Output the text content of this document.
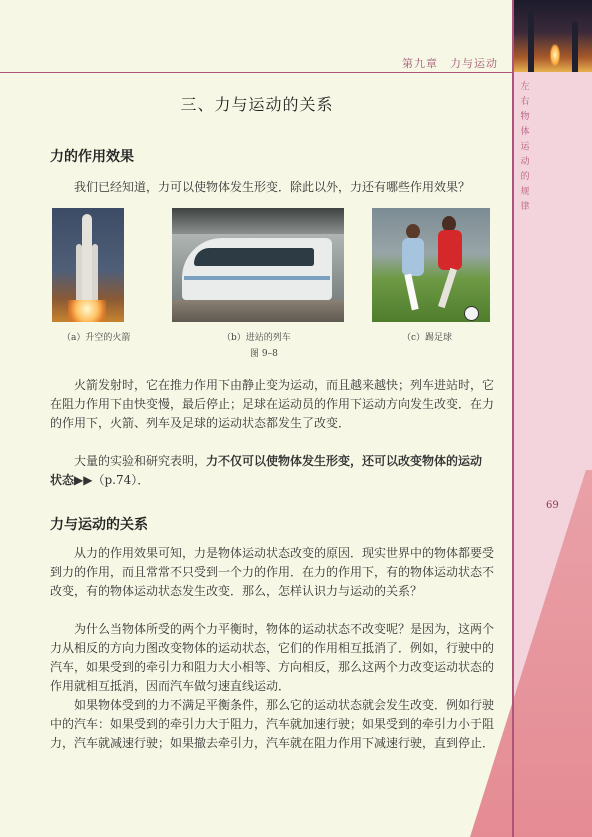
第九章　力与运动
左右物体运动的规律
69
三、力与运动的关系
力的作用效果

我们已经知道，力可以使物体发生形变．除此以外，力还有哪些作用效果？

（a）升空的火箭	（b）进站的列车	（c）踢足球
图 9–8

火箭发射时，它在推力作用下由静止变为运动，而且越来越快；列车进站时，它在阻力作用下由快变慢，最后停止；足球在运动员的作用下运动方向发生改变．在力的作用下，火箭、列车及足球的运动状态都发生了改变．

大量的实验和研究表明，力不仅可以使物体发生形变，还可以改变物体的运动状态▶▶（p.74）．

力与运动的关系

从力的作用效果可知，力是物体运动状态改变的原因．现实世界中的物体都要受到力的作用，而且常常不只受到一个力的作用．在力的作用下，有的物体运动状态不改变，有的物体运动状态发生改变．那么，怎样认识力与运动的关系？

为什么当物体所受的两个力平衡时，物体的运动状态不改变呢？是因为，这两个力从相反的方向力图改变物体的运动状态，它们的作用相互抵消了．例如，行驶中的汽车，如果受到的牵引力和阻力大小相等、方向相反，那么这两个力改变运动状态的作用就相互抵消，因而汽车做匀速直线运动．

如果物体受到的力不满足平衡条件，那么它的运动状态就会发生改变．例如行驶中的汽车：如果受到的牵引力大于阻力，汽车就加速行驶；如果受到的牵引力小于阻力，汽车就减速行驶；如果撤去牵引力，汽车就在阻力作用下减速行驶，直到停止．
